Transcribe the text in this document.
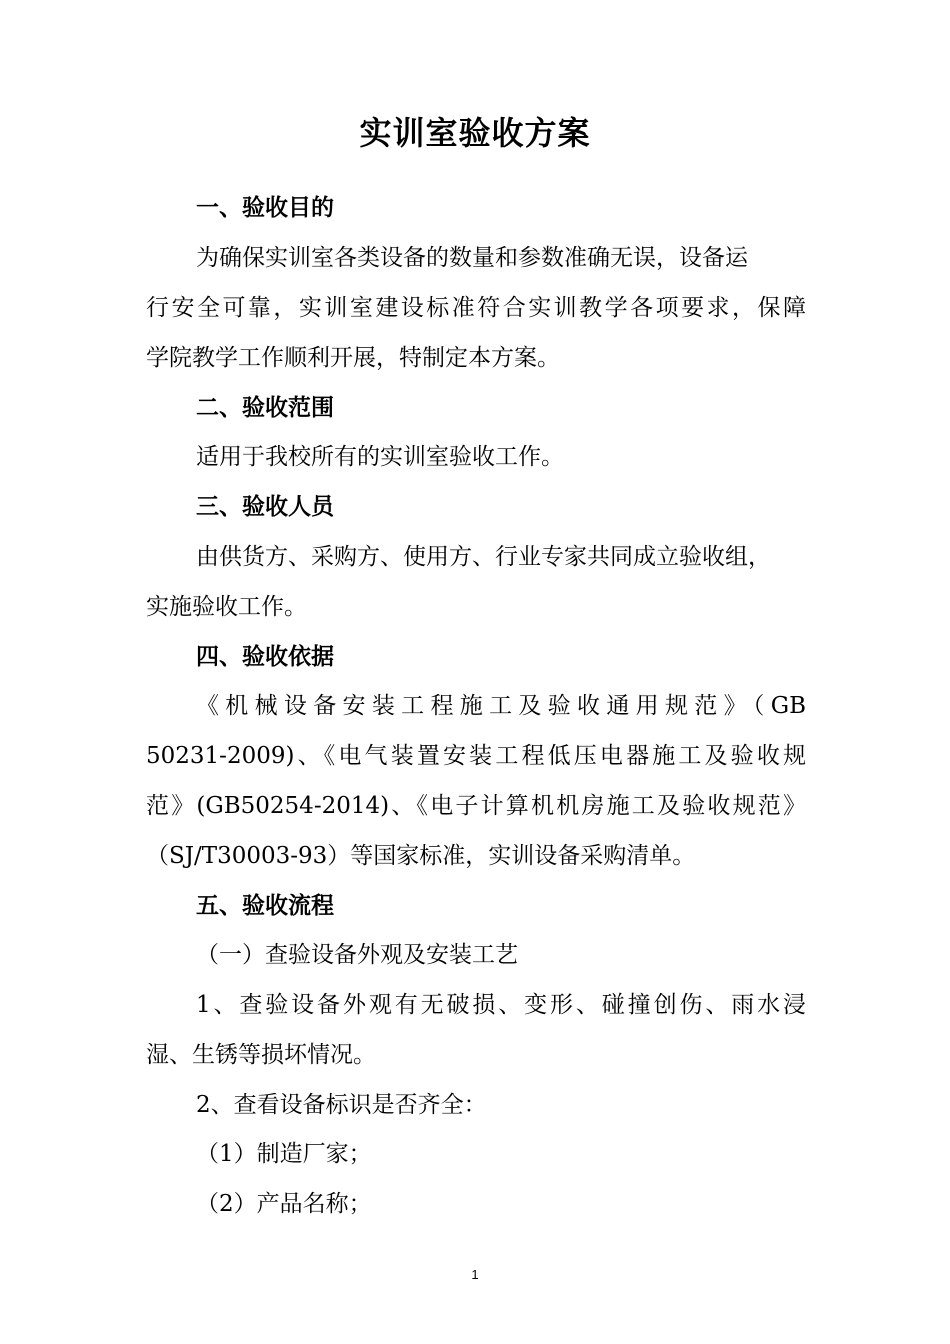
实训室验收方案

一、验收目的

为确保实训室各类设备的数量和参数准确无误，设备运

行安全可靠，实训室建设标准符合实训教学各项要求，保障

学院教学工作顺利开展，特制定本方案。

二、验收范围

适用于我校所有的实训室验收工作。

三、验收人员

由供货方、采购方、使用方、行业专家共同成立验收组，

实施验收工作。

四、验收依据

《机械设备安装工程施工及验收通用规范》（GB

50231-2009)、《电气装置安装工程低压电器施工及验收规

范》(GB50254-2014)、《电子计算机机房施工及验收规范》

（SJ/T30003-93）等国家标准，实训设备采购清单。

五、验收流程

（一）查验设备外观及安装工艺

1、查验设备外观有无破损、变形、碰撞创伤、雨水浸

湿、生锈等损坏情况。

2、查看设备标识是否齐全：

（1）制造厂家；

（2）产品名称；

1
